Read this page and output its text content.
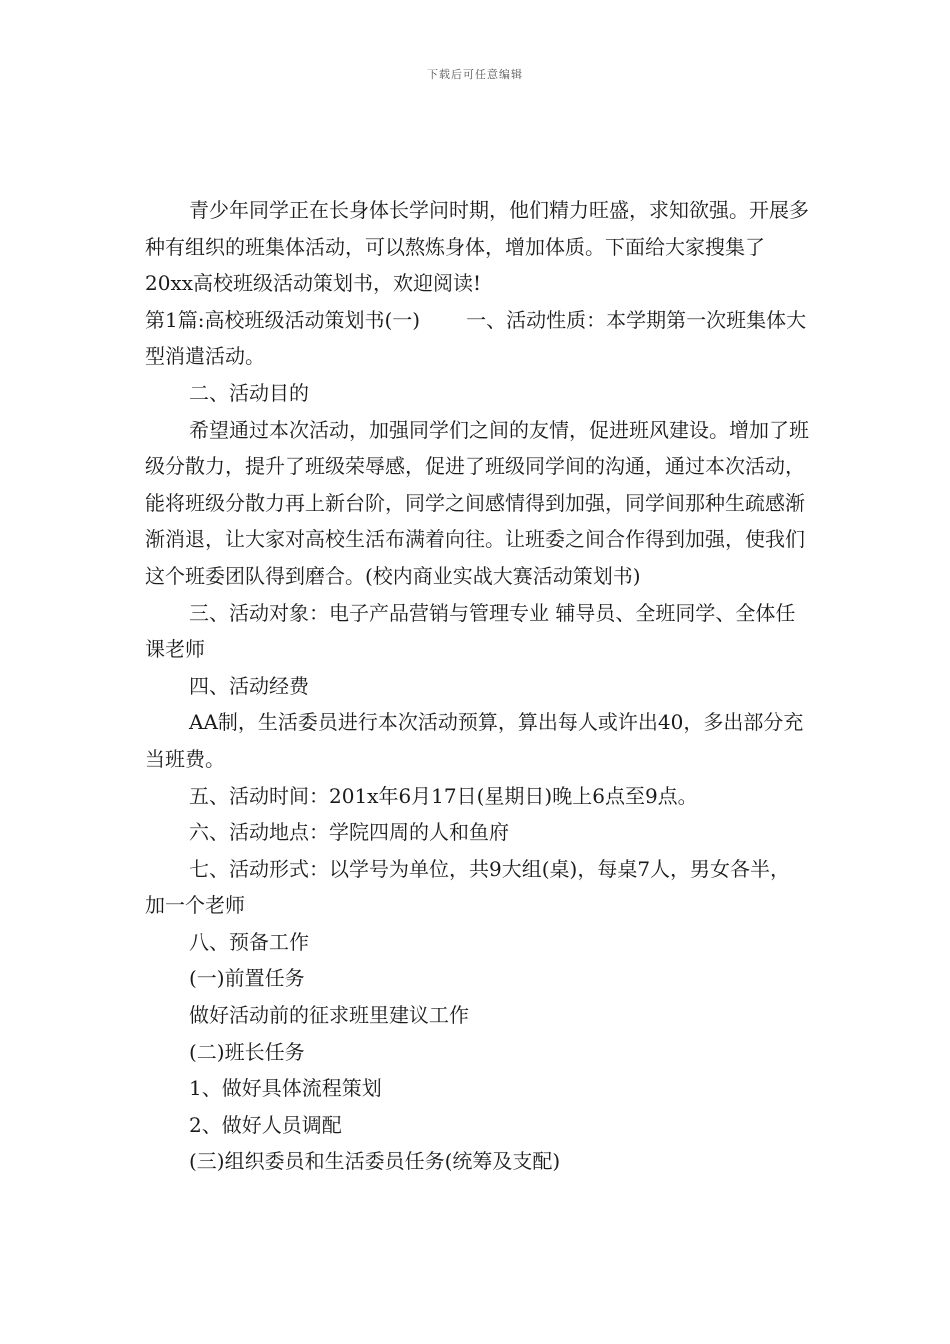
下载后可任意编辑

青少年同学正在长身体长学问时期，他们精力旺盛，求知欲强。开展多种有组织的班集体活动，可以熬炼身体，增加体质。下面给大家搜集了20xx高校班级活动策划书，欢迎阅读!

第1篇:高校班级活动策划书(一) 一、活动性质：本学期第一次班集体大型消遣活动。

二、活动目的

希望通过本次活动，加强同学们之间的友情，促进班风建设。增加了班级分散力，提升了班级荣辱感，促进了班级同学间的沟通，通过本次活动，能将班级分散力再上新台阶，同学之间感情得到加强，同学间那种生疏感渐渐消退，让大家对高校生活布满着向往。让班委之间合作得到加强，使我们这个班委团队得到磨合。(校内商业实战大赛活动策划书)

三、活动对象：电子产品营销与管理专业 辅导员、全班同学、全体任课老师

四、活动经费

AA制，生活委员进行本次活动预算，算出每人或许出40，多出部分充当班费。

五、活动时间：201x年6月17日(星期日)晚上6点至9点。

六、活动地点：学院四周的人和鱼府

七、活动形式：以学号为单位，共9大组(桌)，每桌7人，男女各半，加一个老师

八、预备工作

(一)前置任务

做好活动前的征求班里建议工作

(二)班长任务

1、做好具体流程策划

2、做好人员调配

(三)组织委员和生活委员任务(统筹及支配)
